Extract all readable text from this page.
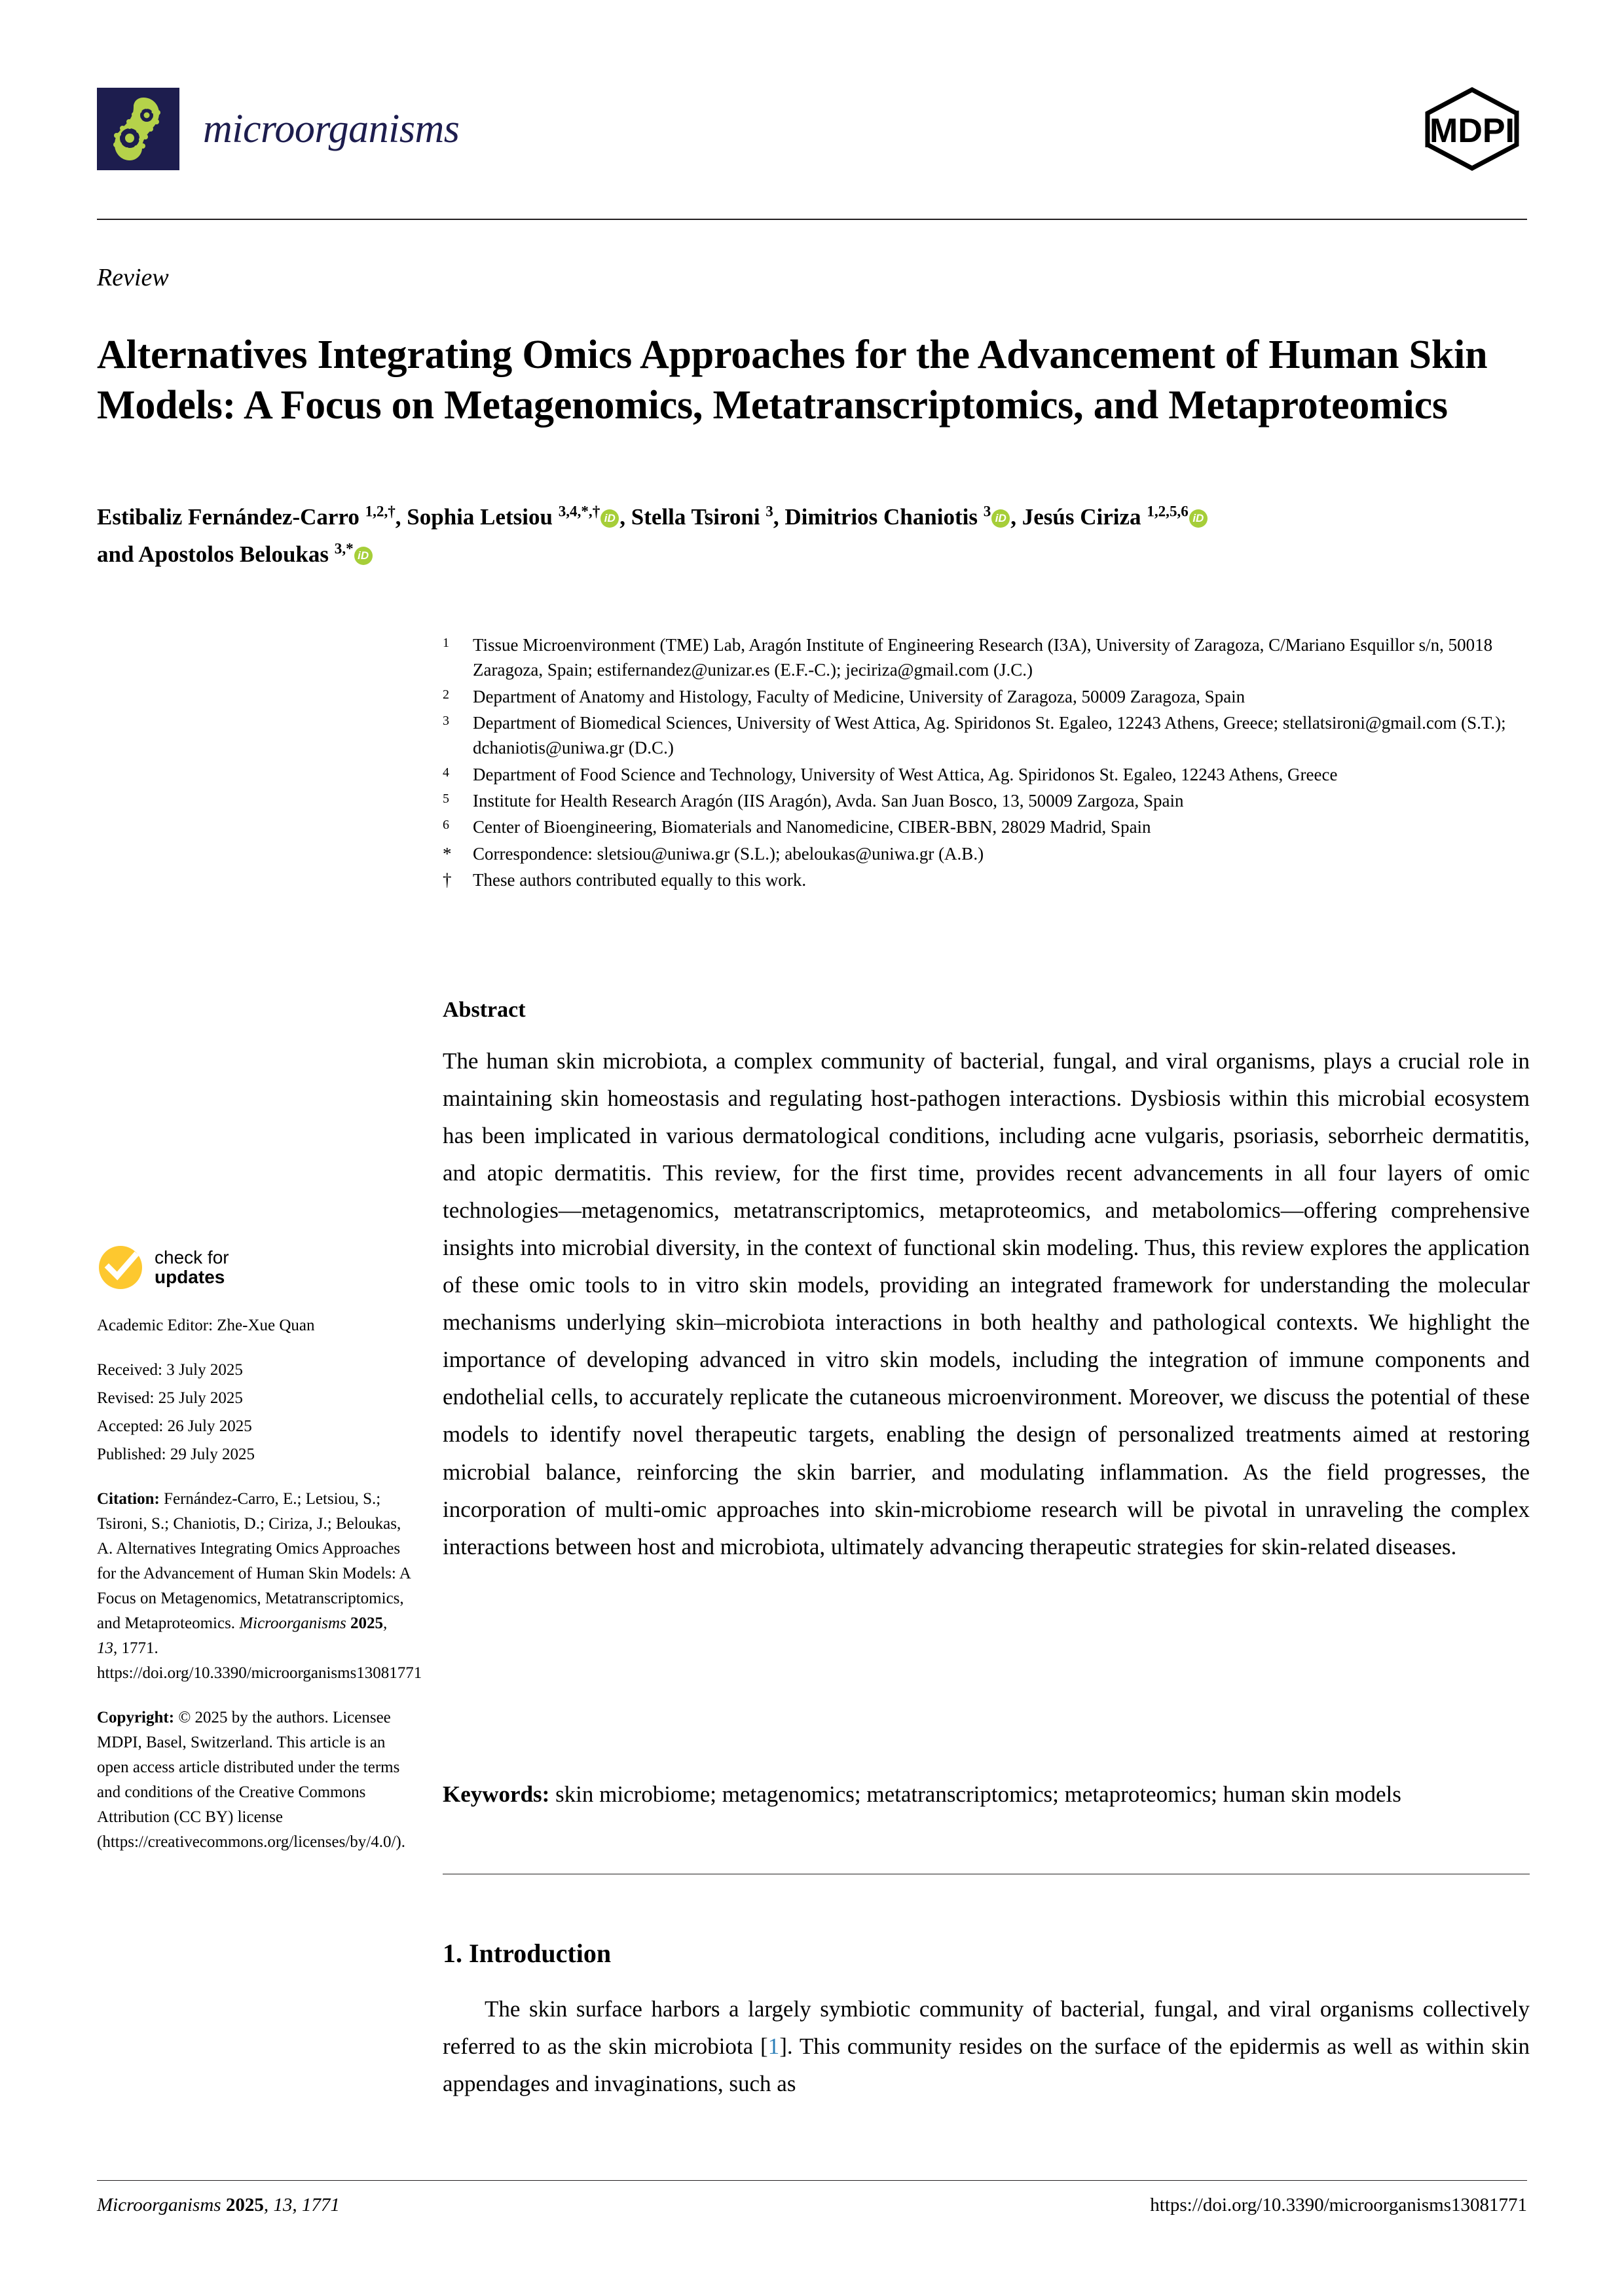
microorganisms	MDPI
Review
Alternatives Integrating Omics Approaches for the Advancement of Human Skin Models: A Focus on Metagenomics, Metatranscriptomics, and Metaproteomics
Estibaliz Fernández-Carro $^{1,2,\dagger}$, Sophia Letsiou $^{3,4,*,\dagger}$ iD , Stella Tsironi $^3$, Dimitrios Chaniotis $^3$ iD , Jesús Ciriza $^{1,2,5,6}$ iD
and Apostolos Beloukas $^{3,*}$ iD
1	Tissue Microenvironment (TME) Lab, Aragón Institute of Engineering Research (I3A), University of Zaragoza, C/Mariano Esquillor s/n, 50018 Zaragoza, Spain; estifernandez@unizar.es (E.F.-C.); jeciriza@gmail.com (J.C.)
2	Department of Anatomy and Histology, Faculty of Medicine, University of Zaragoza, 50009 Zaragoza, Spain
3	Department of Biomedical Sciences, University of West Attica, Ag. Spiridonos St. Egaleo, 12243 Athens, Greece; stellatsironi@gmail.com (S.T.); dchaniotis@uniwa.gr (D.C.)
4	Department of Food Science and Technology, University of West Attica, Ag. Spiridonos St. Egaleo, 12243 Athens, Greece
5	Institute for Health Research Aragón (IIS Aragón), Avda. San Juan Bosco, 13, 50009 Zargoza, Spain
6	Center of Bioengineering, Biomaterials and Nanomedicine, CIBER-BBN, 28029 Madrid, Spain
*	Correspondence: sletsiou@uniwa.gr (S.L.); abeloukas@uniwa.gr (A.B.)
†	These authors contributed equally to this work.
Abstract
The human skin microbiota, a complex community of bacterial, fungal, and viral organisms, plays a crucial role in maintaining skin homeostasis and regulating host-pathogen interactions. Dysbiosis within this microbial ecosystem has been implicated in various dermatological conditions, including acne vulgaris, psoriasis, seborrheic dermatitis, and atopic dermatitis. This review, for the first time, provides recent advancements in all four layers of omic technologies—metagenomics, metatranscriptomics, metaproteomics, and metabolomics—offering comprehensive insights into microbial diversity, in the context of functional skin modeling. Thus, this review explores the application of these omic tools to in vitro skin models, providing an integrated framework for understanding the molecular mechanisms underlying skin–microbiota interactions in both healthy and pathological contexts. We highlight the importance of developing advanced in vitro skin models, including the integration of immune components and endothelial cells, to accurately replicate the cutaneous microenvironment. Moreover, we discuss the potential of these models to identify novel therapeutic targets, enabling the design of personalized treatments aimed at restoring microbial balance, reinforcing the skin barrier, and modulating inflammation. As the field progresses, the incorporation of multi-omic approaches into skin-microbiome research will be pivotal in unraveling the complex interactions between host and microbiota, ultimately advancing therapeutic strategies for skin-related diseases.
Keywords: skin microbiome; metagenomics; metatranscriptomics; metaproteomics; human skin models
1. Introduction
The skin surface harbors a largely symbiotic community of bacterial, fungal, and viral organisms collectively referred to as the skin microbiota [1]. This community resides on the surface of the epidermis as well as within skin appendages and invaginations, such as
check for
updates
Academic Editor: Zhe-Xue Quan
Received: 3 July 2025
Revised: 25 July 2025
Accepted: 26 July 2025
Published: 29 July 2025
Citation: Fernández-Carro, E.; Letsiou, S.; Tsironi, S.; Chaniotis, D.; Ciriza, J.; Beloukas, A. Alternatives Integrating Omics Approaches for the Advancement of Human Skin Models: A Focus on Metagenomics, Metatranscriptomics, and Metaproteomics. Microorganisms 2025, 13, 1771. https://doi.org/10.3390/microorganisms13081771
Copyright: © 2025 by the authors. Licensee MDPI, Basel, Switzerland. This article is an open access article distributed under the terms and conditions of the Creative Commons Attribution (CC BY) license (https://creativecommons.org/licenses/by/4.0/).
Microorganisms 2025, 13, 1771	https://doi.org/10.3390/microorganisms13081771
